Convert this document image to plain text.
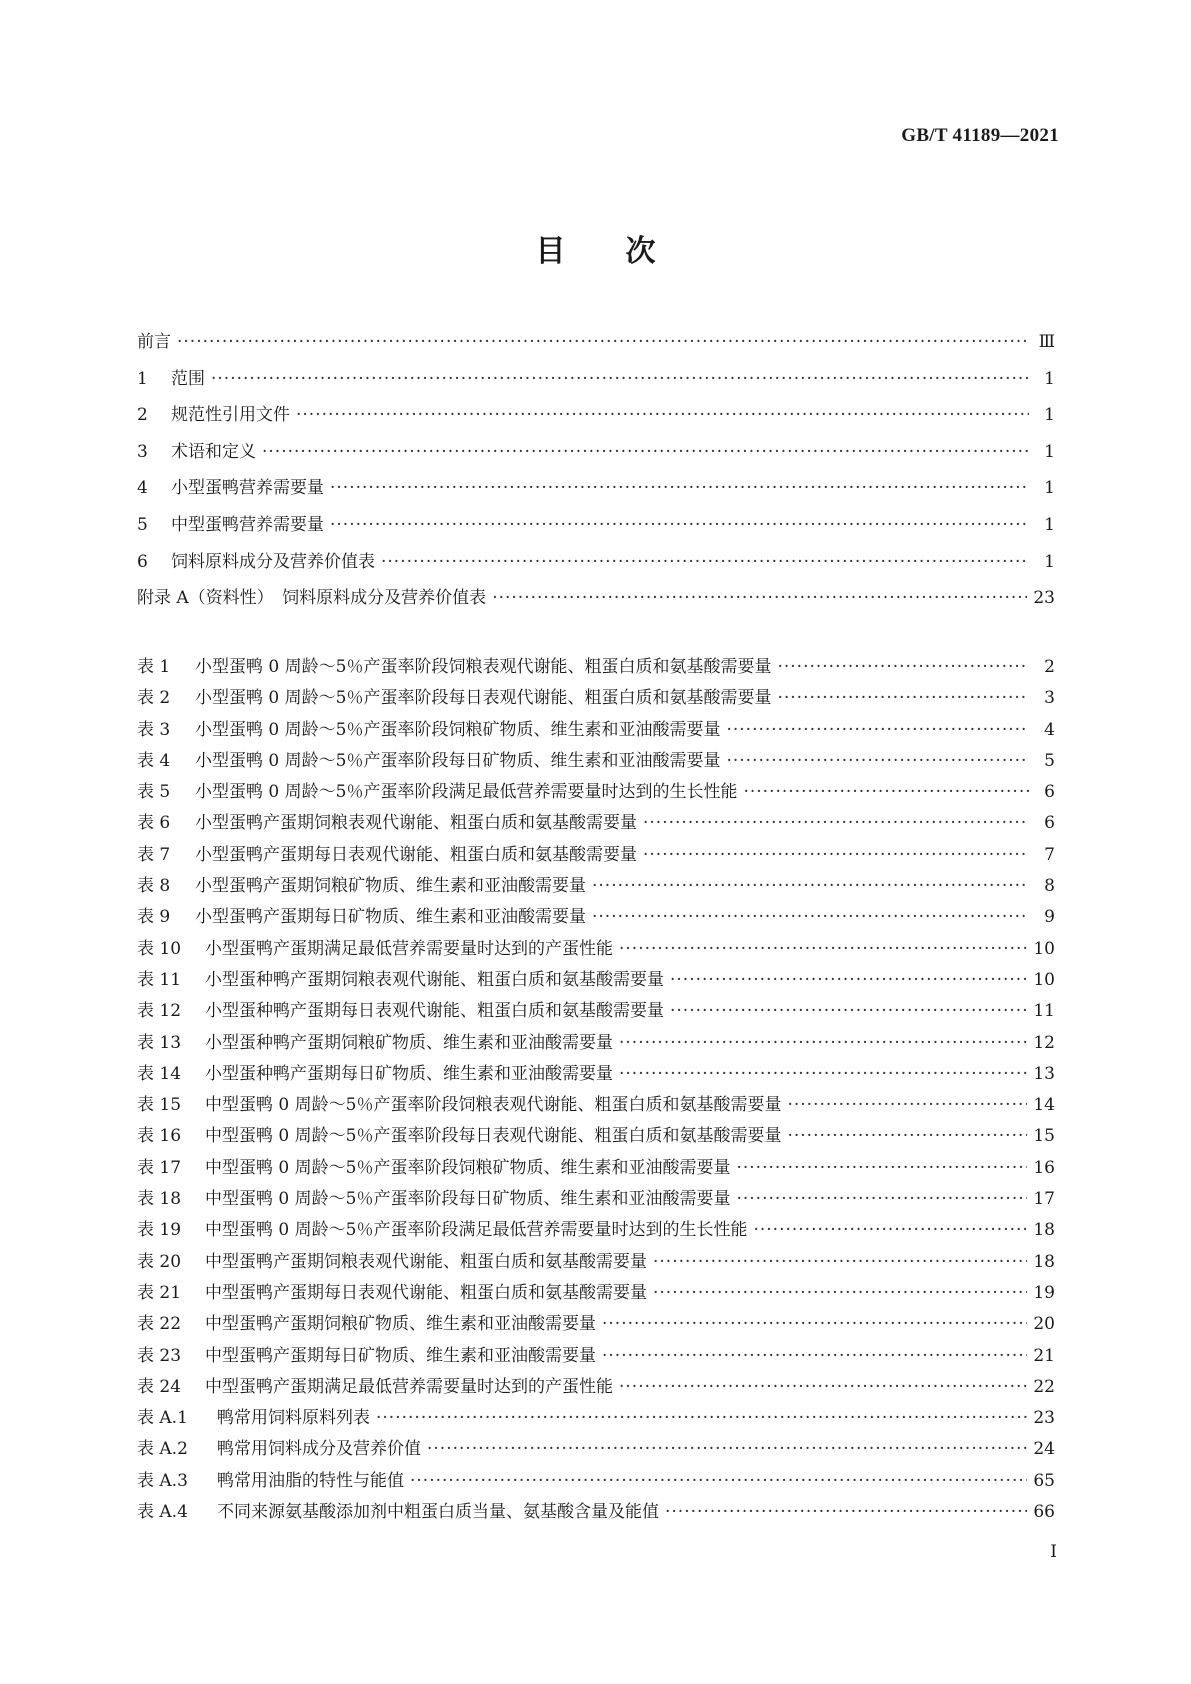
GB/T 41189—2021
目 次
前言 ·····	Ⅲ
1	范围 ·····	1
2	规范性引用文件 ·····	1
3	术语和定义 ·····	1
4	小型蛋鸭营养需要量 ·····	1
5	中型蛋鸭营养需要量 ·····	1
6	饲料原料成分及营养价值表 ·····	1
附录 A（资料性）　饲料原料成分及营养价值表 ·····	23
表 1	小型蛋鸭 0 周龄～5％产蛋率阶段饲粮表观代谢能、粗蛋白质和氨基酸需要量 ·····	2
表 2	小型蛋鸭 0 周龄～5％产蛋率阶段每日表观代谢能、粗蛋白质和氨基酸需要量 ·····	3
表 3	小型蛋鸭 0 周龄～5％产蛋率阶段饲粮矿物质、维生素和亚油酸需要量 ·····	4
表 4	小型蛋鸭 0 周龄～5％产蛋率阶段每日矿物质、维生素和亚油酸需要量 ·····	5
表 5	小型蛋鸭 0 周龄～5％产蛋率阶段满足最低营养需要量时达到的生长性能 ·····	6
表 6	小型蛋鸭产蛋期饲粮表观代谢能、粗蛋白质和氨基酸需要量 ·····	6
表 7	小型蛋鸭产蛋期每日表观代谢能、粗蛋白质和氨基酸需要量 ·····	7
表 8	小型蛋鸭产蛋期饲粮矿物质、维生素和亚油酸需要量 ·····	8
表 9	小型蛋鸭产蛋期每日矿物质、维生素和亚油酸需要量 ·····	9
表 10	小型蛋鸭产蛋期满足最低营养需要量时达到的产蛋性能 ·····	10
表 11	小型蛋种鸭产蛋期饲粮表观代谢能、粗蛋白质和氨基酸需要量 ·····	10
表 12	小型蛋种鸭产蛋期每日表观代谢能、粗蛋白质和氨基酸需要量 ·····	11
表 13	小型蛋种鸭产蛋期饲粮矿物质、维生素和亚油酸需要量 ·····	12
表 14	小型蛋种鸭产蛋期每日矿物质、维生素和亚油酸需要量 ·····	13
表 15	中型蛋鸭 0 周龄～5％产蛋率阶段饲粮表观代谢能、粗蛋白质和氨基酸需要量 ·····	14
表 16	中型蛋鸭 0 周龄～5％产蛋率阶段每日表观代谢能、粗蛋白质和氨基酸需要量 ·····	15
表 17	中型蛋鸭 0 周龄～5％产蛋率阶段饲粮矿物质、维生素和亚油酸需要量 ·····	16
表 18	中型蛋鸭 0 周龄～5％产蛋率阶段每日矿物质、维生素和亚油酸需要量 ·····	17
表 19	中型蛋鸭 0 周龄～5％产蛋率阶段满足最低营养需要量时达到的生长性能 ·····	18
表 20	中型蛋鸭产蛋期饲粮表观代谢能、粗蛋白质和氨基酸需要量 ·····	18
表 21	中型蛋鸭产蛋期每日表观代谢能、粗蛋白质和氨基酸需要量 ·····	19
表 22	中型蛋鸭产蛋期饲粮矿物质、维生素和亚油酸需要量 ·····	20
表 23	中型蛋鸭产蛋期每日矿物质、维生素和亚油酸需要量 ·····	21
表 24	中型蛋鸭产蛋期满足最低营养需要量时达到的产蛋性能 ·····	22
表 A.1	鸭常用饲料原料列表 ·····	23
表 A.2	鸭常用饲料成分及营养价值 ·····	24
表 A.3	鸭常用油脂的特性与能值 ·····	65
表 A.4	不同来源氨基酸添加剂中粗蛋白质当量、氨基酸含量及能值 ·····	66
I
